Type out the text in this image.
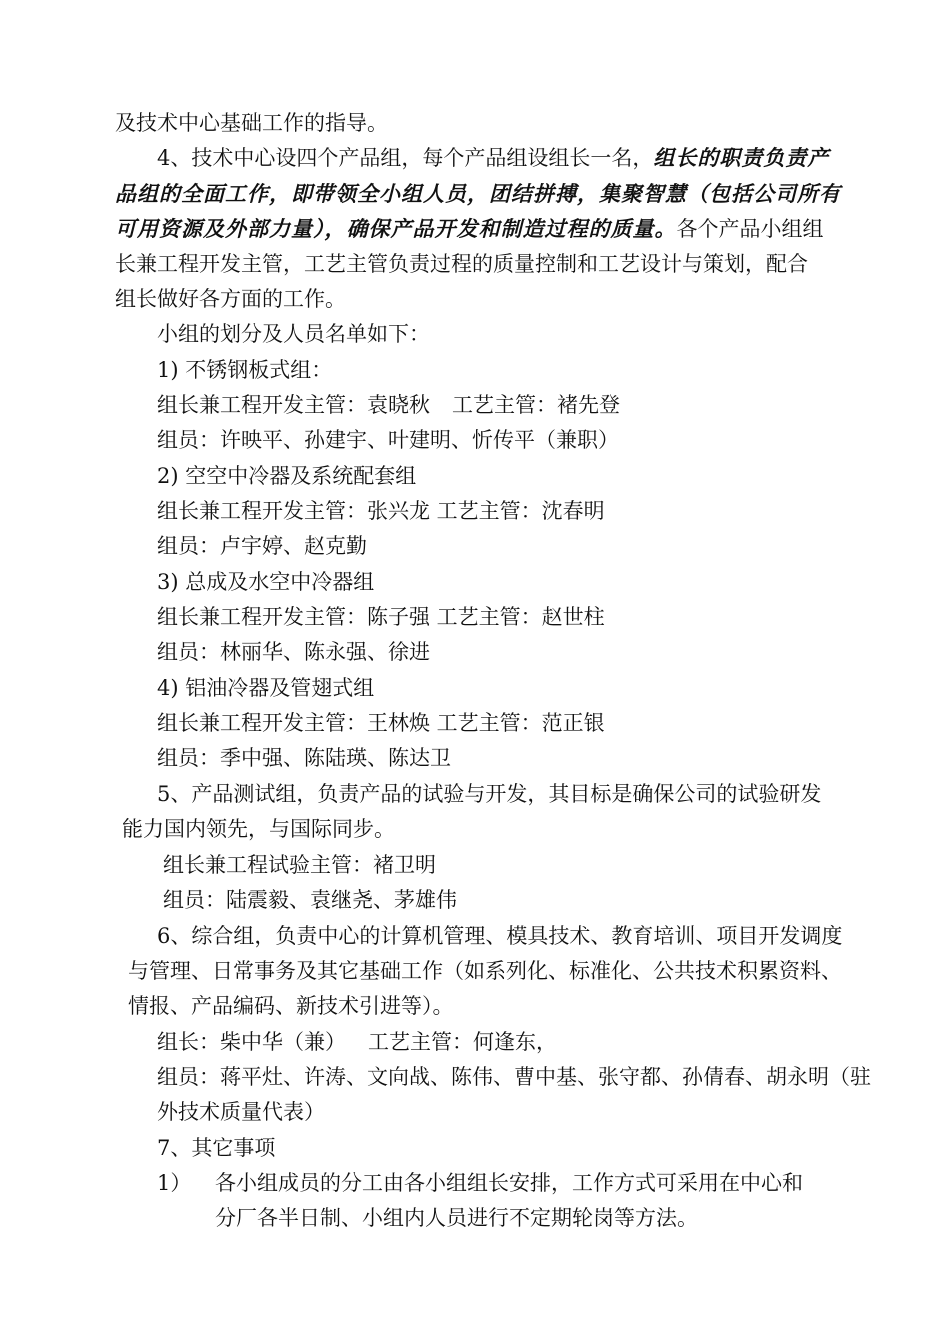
及技术中心基础工作的指导。
4、技术中心设四个产品组，每个产品组设组长一名，组长的职责负责产
品组的全面工作，即带领全小组人员，团结拼搏，集聚智慧（包括公司所有
可用资源及外部力量），确保产品开发和制造过程的质量。各个产品小组组
长兼工程开发主管，工艺主管负责过程的质量控制和工艺设计与策划，配合
组长做好各方面的工作。
小组的划分及人员名单如下：
1) 不锈钢板式组：
组长兼工程开发主管：袁晓秋 工艺主管：褚先登
组员：许映平、孙建宇、叶建明、忻传平（兼职）
2) 空空中冷器及系统配套组
组长兼工程开发主管：张兴龙 工艺主管：沈春明
组员：卢宇婷、赵克勤
3) 总成及水空中冷器组
组长兼工程开发主管：陈子强 工艺主管：赵世柱
组员：林丽华、陈永强、徐进
4) 铝油冷器及管翅式组
组长兼工程开发主管：王林焕 工艺主管：范正银
组员：季中强、陈陆瑛、陈达卫
5、产品测试组，负责产品的试验与开发，其目标是确保公司的试验研发
能力国内领先，与国际同步。
组长兼工程试验主管：褚卫明
组员：陆震毅、袁继尧、茅雄伟
6、综合组，负责中心的计算机管理、模具技术、教育培训、项目开发调度
与管理、日常事务及其它基础工作（如系列化、标准化、公共技术积累资料、
情报、产品编码、新技术引进等）。
组长：柴中华（兼） 工艺主管：何逢东，
组员：蒋平灶、许涛、文向战、陈伟、曹中基、张守都、孙倩春、胡永明（驻
外技术质量代表）
7、其它事项
1） 各小组成员的分工由各小组组长安排，工作方式可采用在中心和
分厂各半日制、小组内人员进行不定期轮岗等方法。
